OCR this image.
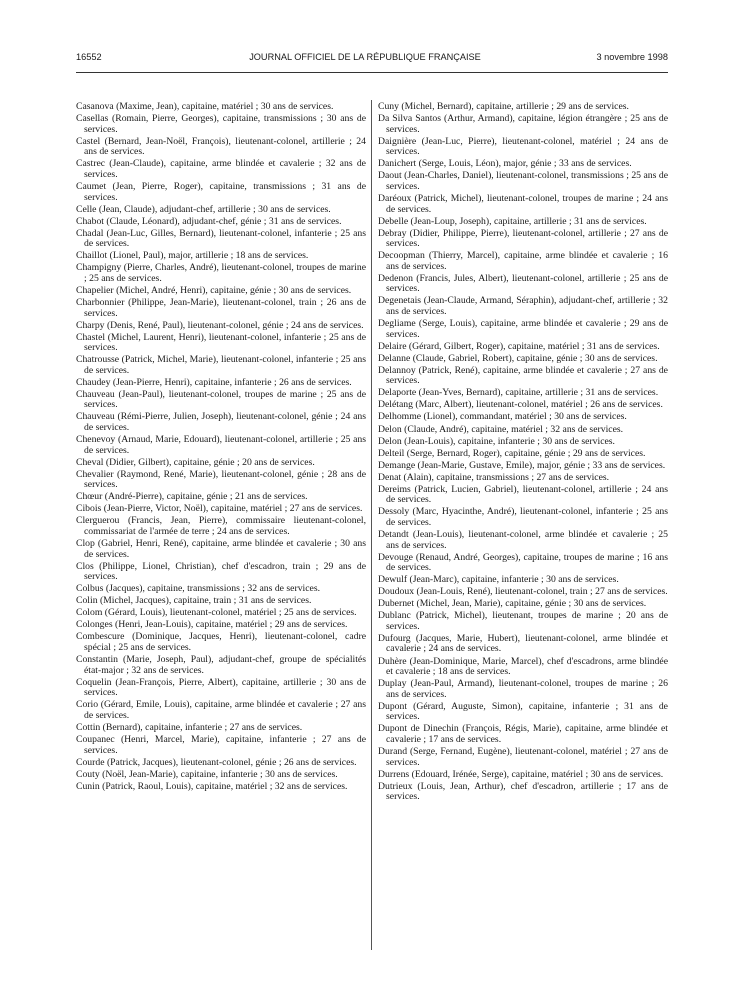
16552	JOURNAL OFFICIEL DE LA RÉPUBLIQUE FRANÇAISE	3 novembre 1998

Casanova (Maxime, Jean), capitaine, matériel ; 30 ans de services.

Casellas (Romain, Pierre, Georges), capitaine, transmissions ; 30 ans de services.

Castel (Bernard, Jean-Noël, François), lieutenant-colonel, artillerie ; 24 ans de services.

Castrec (Jean-Claude), capitaine, arme blindée et cavalerie ; 32 ans de services.

Caumet (Jean, Pierre, Roger), capitaine, transmissions ; 31 ans de services.

Celle (Jean, Claude), adjudant-chef, artillerie ; 30 ans de services.

Chabot (Claude, Léonard), adjudant-chef, génie ; 31 ans de services.

Chadal (Jean-Luc, Gilles, Bernard), lieutenant-colonel, infanterie ; 25 ans de services.

Chaillot (Lionel, Paul), major, artillerie ; 18 ans de services.

Champigny (Pierre, Charles, André), lieutenant-colonel, troupes de marine ; 25 ans de services.

Chapelier (Michel, André, Henri), capitaine, génie ; 30 ans de services.

Charbonnier (Philippe, Jean-Marie), lieutenant-colonel, train ; 26 ans de services.

Charpy (Denis, René, Paul), lieutenant-colonel, génie ; 24 ans de services.

Chastel (Michel, Laurent, Henri), lieutenant-colonel, infanterie ; 25 ans de services.

Chatrousse (Patrick, Michel, Marie), lieutenant-colonel, infanterie ; 25 ans de services.

Chaudey (Jean-Pierre, Henri), capitaine, infanterie ; 26 ans de services.

Chauveau (Jean-Paul), lieutenant-colonel, troupes de marine ; 25 ans de services.

Chauveau (Rémi-Pierre, Julien, Joseph), lieutenant-colonel, génie ; 24 ans de services.

Chenevoy (Arnaud, Marie, Edouard), lieutenant-colonel, artillerie ; 25 ans de services.

Cheval (Didier, Gilbert), capitaine, génie ; 20 ans de services.

Chevalier (Raymond, René, Marie), lieutenant-colonel, génie ; 28 ans de services.

Chœur (André-Pierre), capitaine, génie ; 21 ans de services.

Cibois (Jean-Pierre, Victor, Noël), capitaine, matériel ; 27 ans de services.

Clerguerou (Francis, Jean, Pierre), commissaire lieutenant-colonel, commissariat de l'armée de terre ; 24 ans de services.

Clop (Gabriel, Henri, René), capitaine, arme blindée et cavalerie ; 30 ans de services.

Clos (Philippe, Lionel, Christian), chef d'escadron, train ; 29 ans de services.

Colbus (Jacques), capitaine, transmissions ; 32 ans de services.

Colin (Michel, Jacques), capitaine, train ; 31 ans de services.

Colom (Gérard, Louis), lieutenant-colonel, matériel ; 25 ans de services.

Colonges (Henri, Jean-Louis), capitaine, matériel ; 29 ans de services.

Combescure (Dominique, Jacques, Henri), lieutenant-colonel, cadre spécial ; 25 ans de services.

Constantin (Marie, Joseph, Paul), adjudant-chef, groupe de spécialités état-major ; 32 ans de services.

Coquelin (Jean-François, Pierre, Albert), capitaine, artillerie ; 30 ans de services.

Corio (Gérard, Emile, Louis), capitaine, arme blindée et cavalerie ; 27 ans de services.

Cottin (Bernard), capitaine, infanterie ; 27 ans de services.

Coupanec (Henri, Marcel, Marie), capitaine, infanterie ; 27 ans de services.

Courde (Patrick, Jacques), lieutenant-colonel, génie ; 26 ans de services.

Couty (Noël, Jean-Marie), capitaine, infanterie ; 30 ans de services.

Cunin (Patrick, Raoul, Louis), capitaine, matériel ; 32 ans de services.

Cuny (Michel, Bernard), capitaine, artillerie ; 29 ans de services.

Da Silva Santos (Arthur, Armand), capitaine, légion étrangère ; 25 ans de services.

Daignière (Jean-Luc, Pierre), lieutenant-colonel, matériel ; 24 ans de services.

Danichert (Serge, Louis, Léon), major, génie ; 33 ans de services.

Daout (Jean-Charles, Daniel), lieutenant-colonel, transmissions ; 25 ans de services.

Daréoux (Patrick, Michel), lieutenant-colonel, troupes de marine ; 24 ans de services.

Debelle (Jean-Loup, Joseph), capitaine, artillerie ; 31 ans de services.

Debray (Didier, Philippe, Pierre), lieutenant-colonel, artillerie ; 27 ans de services.

Decoopman (Thierry, Marcel), capitaine, arme blindée et cavalerie ; 16 ans de services.

Dedenon (Francis, Jules, Albert), lieutenant-colonel, artillerie ; 25 ans de services.

Degenetais (Jean-Claude, Armand, Séraphin), adjudant-chef, artillerie ; 32 ans de services.

Degliame (Serge, Louis), capitaine, arme blindée et cavalerie ; 29 ans de services.

Delaire (Gérard, Gilbert, Roger), capitaine, matériel ; 31 ans de services.

Delanne (Claude, Gabriel, Robert), capitaine, génie ; 30 ans de services.

Delannoy (Patrick, René), capitaine, arme blindée et cavalerie ; 27 ans de services.

Delaporte (Jean-Yves, Bernard), capitaine, artillerie ; 31 ans de services.

Delétang (Marc, Albert), lieutenant-colonel, matériel ; 26 ans de services.

Delhomme (Lionel), commandant, matériel ; 30 ans de services.

Delon (Claude, André), capitaine, matériel ; 32 ans de services.

Delon (Jean-Louis), capitaine, infanterie ; 30 ans de services.

Delteil (Serge, Bernard, Roger), capitaine, génie ; 29 ans de services.

Demange (Jean-Marie, Gustave, Emile), major, génie ; 33 ans de services.

Denat (Alain), capitaine, transmissions ; 27 ans de services.

Dereims (Patrick, Lucien, Gabriel), lieutenant-colonel, artillerie ; 24 ans de services.

Dessoly (Marc, Hyacinthe, André), lieutenant-colonel, infanterie ; 25 ans de services.

Detandt (Jean-Louis), lieutenant-colonel, arme blindée et cavalerie ; 25 ans de services.

Devouge (Renaud, André, Georges), capitaine, troupes de marine ; 16 ans de services.

Dewulf (Jean-Marc), capitaine, infanterie ; 30 ans de services.

Doudoux (Jean-Louis, René), lieutenant-colonel, train ; 27 ans de services.

Dubernet (Michel, Jean, Marie), capitaine, génie ; 30 ans de services.

Dublanc (Patrick, Michel), lieutenant, troupes de marine ; 20 ans de services.

Dufourg (Jacques, Marie, Hubert), lieutenant-colonel, arme blindée et cavalerie ; 24 ans de services.

Duhère (Jean-Dominique, Marie, Marcel), chef d'escadrons, arme blindée et cavalerie ; 18 ans de services.

Duplay (Jean-Paul, Armand), lieutenant-colonel, troupes de marine ; 26 ans de services.

Dupont (Gérard, Auguste, Simon), capitaine, infanterie ; 31 ans de services.

Dupont de Dinechin (François, Régis, Marie), capitaine, arme blindée et cavalerie ; 17 ans de services.

Durand (Serge, Fernand, Eugène), lieutenant-colonel, matériel ; 27 ans de services.

Durrens (Edouard, Irénée, Serge), capitaine, matériel ; 30 ans de services.

Dutrieux (Louis, Jean, Arthur), chef d'escadron, artillerie ; 17 ans de services.
